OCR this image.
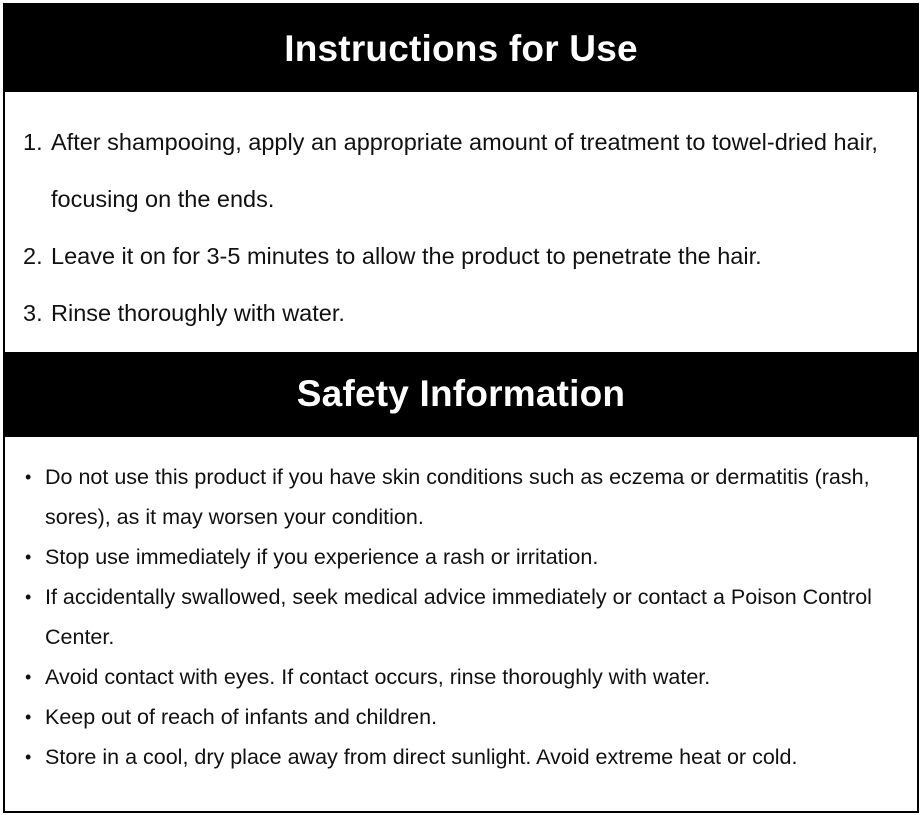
Instructions for Use
1. After shampooing, apply an appropriate amount of treatment to towel-dried hair, focusing on the ends.
2. Leave it on for 3-5 minutes to allow the product to penetrate the hair.
3. Rinse thoroughly with water.
Safety Information
• Do not use this product if you have skin conditions such as eczema or dermatitis (rash, sores), as it may worsen your condition.
• Stop use immediately if you experience a rash or irritation.
• If accidentally swallowed, seek medical advice immediately or contact a Poison Control Center.
• Avoid contact with eyes. If contact occurs, rinse thoroughly with water.
• Keep out of reach of infants and children.
• Store in a cool, dry place away from direct sunlight. Avoid extreme heat or cold.
